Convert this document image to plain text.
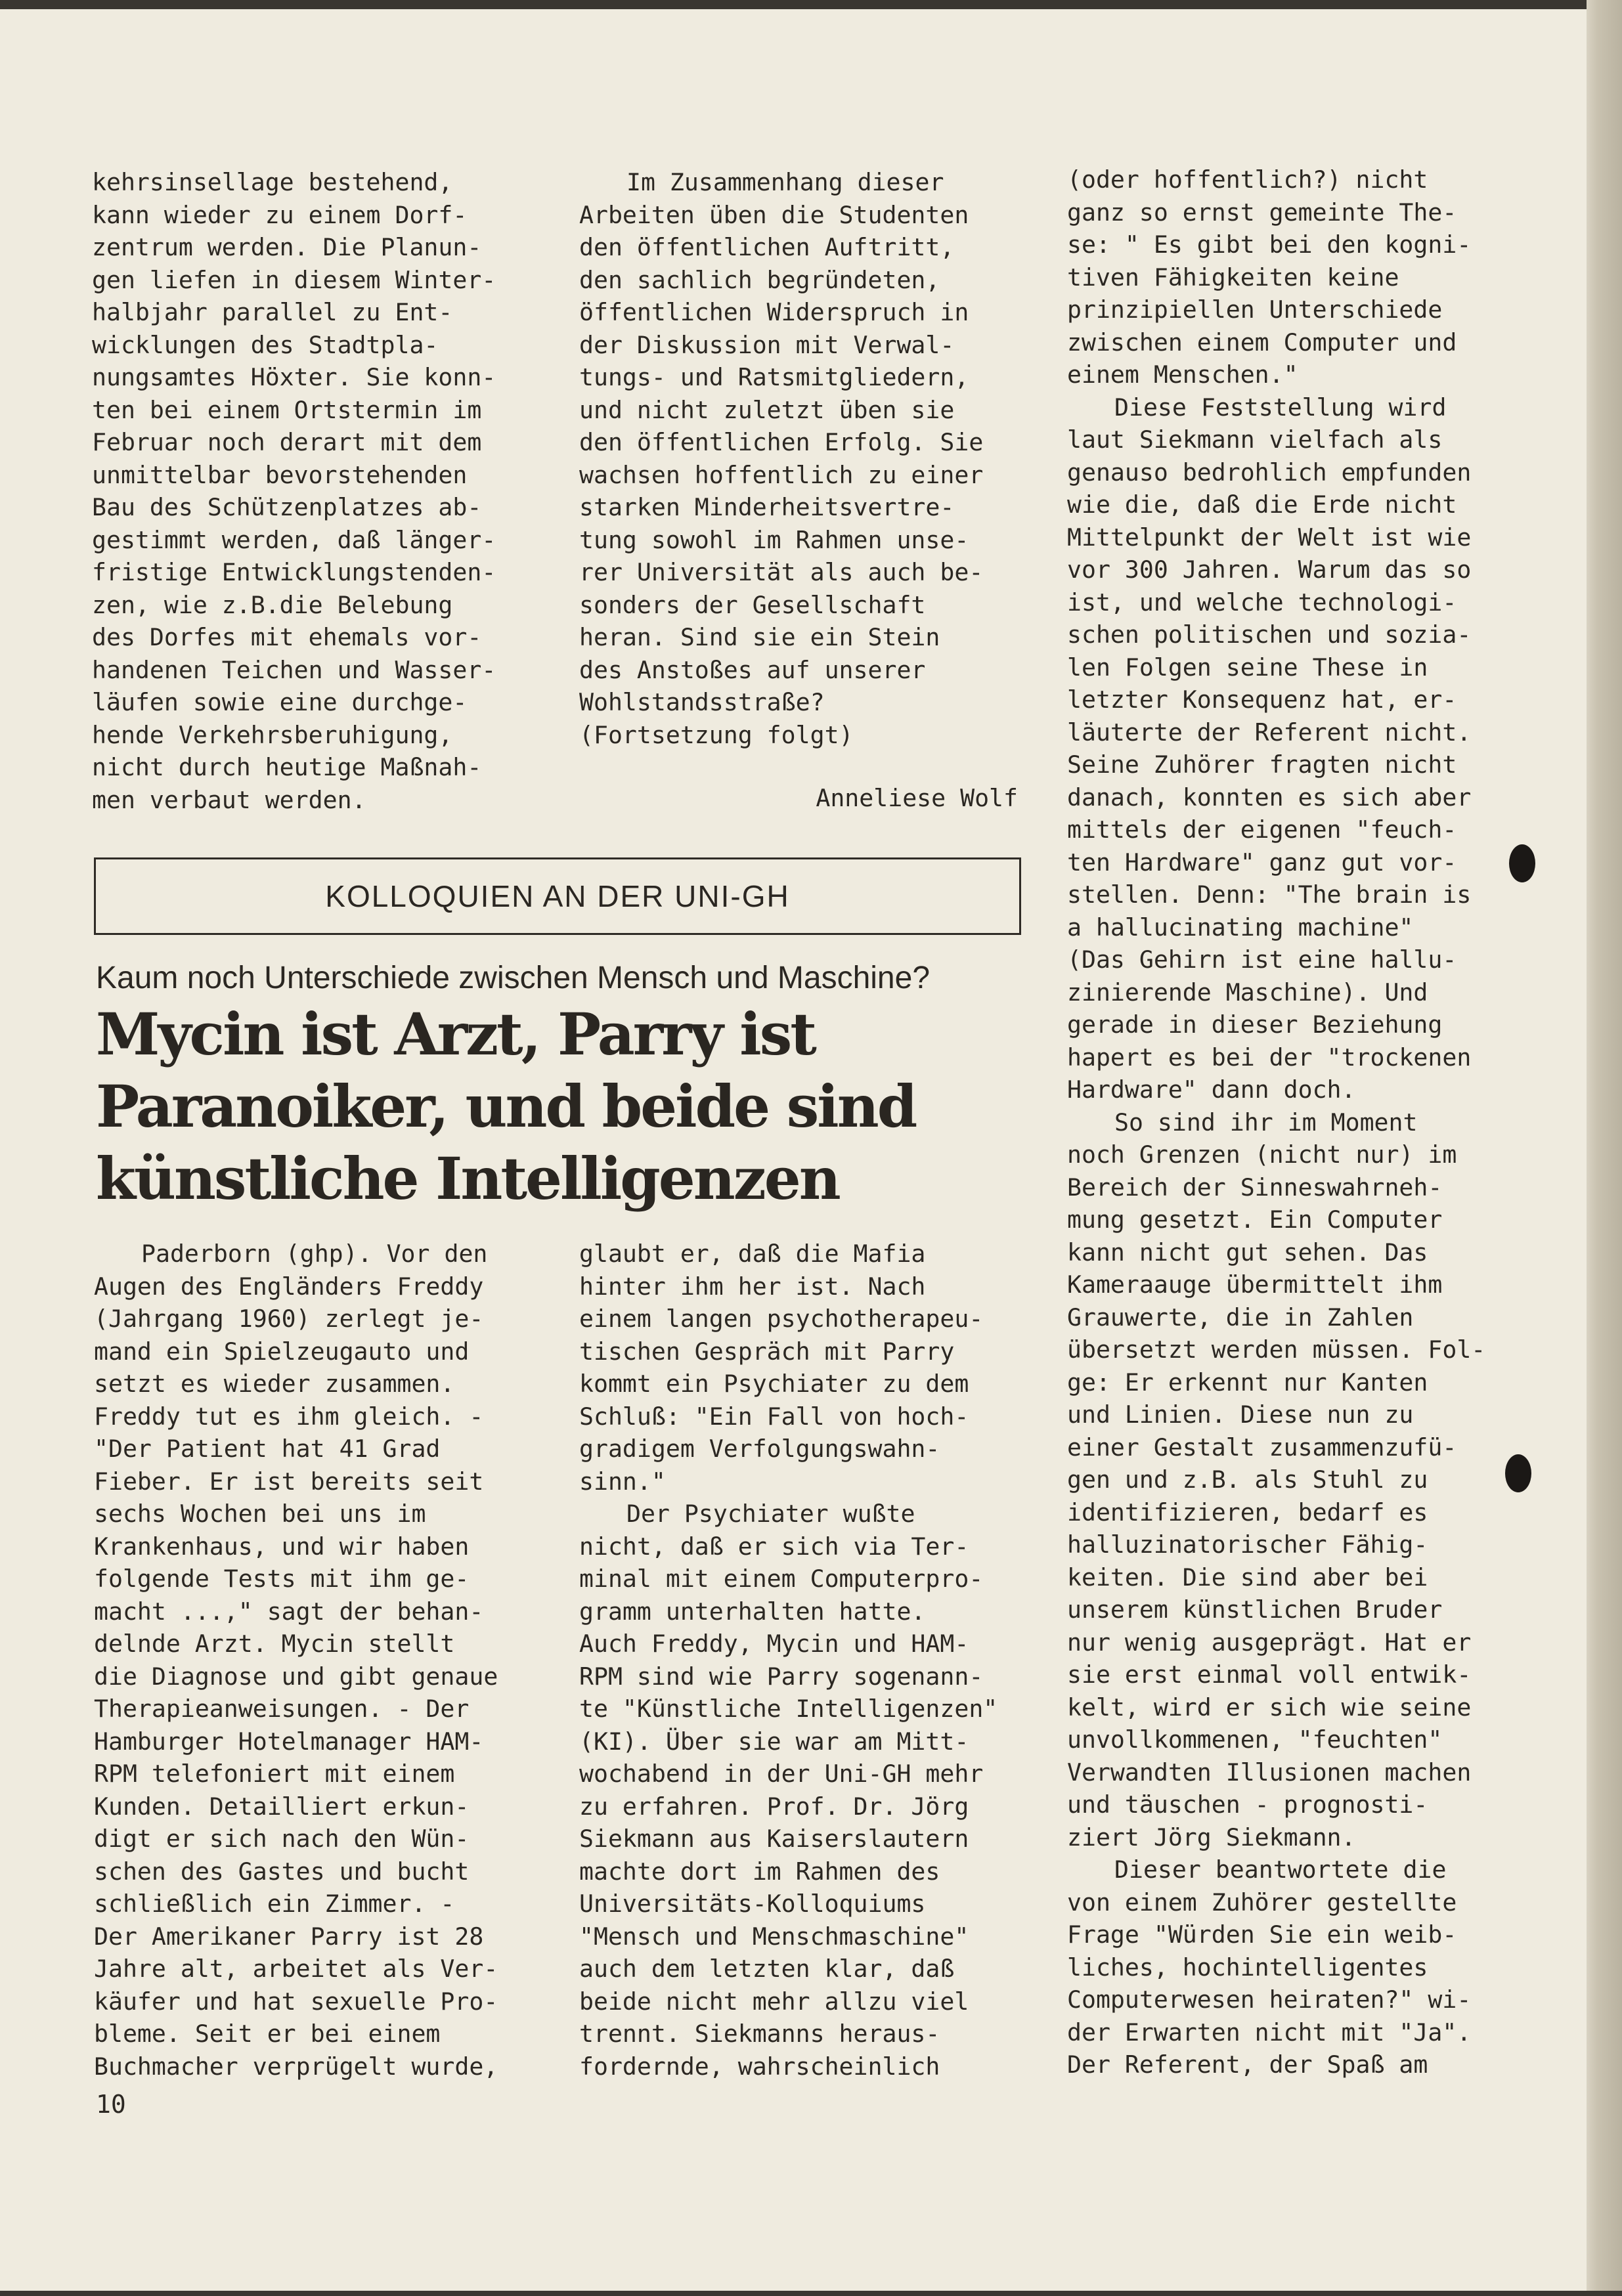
kehrsinsellage bestehend,

kann wieder zu einem Dorf-

zentrum werden. Die Planun-

gen liefen in diesem Winter-

halbjahr parallel zu Ent-

wicklungen des Stadtpla-

nungsamtes Höxter. Sie konn-

ten bei einem Ortstermin im

Februar noch derart mit dem

unmittelbar bevorstehenden

Bau des Schützenplatzes ab-

gestimmt werden, daß länger-

fristige Entwicklungstenden-

zen, wie z.B.die Belebung

des Dorfes mit ehemals vor-

handenen Teichen und Wasser-

läufen sowie eine durchge-

hende Verkehrsberuhigung,

nicht durch heutige Maßnah-

men verbaut werden.

Im Zusammenhang dieser

Arbeiten üben die Studenten

den öffentlichen Auftritt,

den sachlich begründeten,

öffentlichen Widerspruch in

der Diskussion mit Verwal-

tungs- und Ratsmitgliedern,

und nicht zuletzt üben sie

den öffentlichen Erfolg. Sie

wachsen hoffentlich zu einer

starken Minderheitsvertre-

tung sowohl im Rahmen unse-

rer Universität als auch be-

sonders der Gesellschaft

heran. Sind sie ein Stein

des Anstoßes auf unserer

Wohlstandsstraße?

(Fortsetzung folgt)

Anneliese Wolf

KOLLOQUIEN AN DER UNI-GH
Kaum noch Unterschiede zwischen Mensch und Maschine?
Mycin ist Arzt, Parry ist
Paranoiker, und beide sind
künstliche Intelligenzen

Paderborn (ghp). Vor den

Augen des Engländers Freddy

(Jahrgang 1960) zerlegt je-

mand ein Spielzeugauto und

setzt es wieder zusammen.

Freddy tut es ihm gleich. -

"Der Patient hat 41 Grad

Fieber. Er ist bereits seit

sechs Wochen bei uns im

Krankenhaus, und wir haben

folgende Tests mit ihm ge-

macht ...," sagt der behan-

delnde Arzt. Mycin stellt

die Diagnose und gibt genaue

Therapieanweisungen. - Der

Hamburger Hotelmanager HAM-

RPM telefoniert mit einem

Kunden. Detailliert erkun-

digt er sich nach den Wün-

schen des Gastes und bucht

schließlich ein Zimmer. -

Der Amerikaner Parry ist 28

Jahre alt, arbeitet als Ver-

käufer und hat sexuelle Pro-

bleme. Seit er bei einem

Buchmacher verprügelt wurde,

glaubt er, daß die Mafia

hinter ihm her ist. Nach

einem langen psychotherapeu-

tischen Gespräch mit Parry

kommt ein Psychiater zu dem

Schluß: "Ein Fall von hoch-

gradigem Verfolgungswahn-

sinn."

Der Psychiater wußte

nicht, daß er sich via Ter-

minal mit einem Computerpro-

gramm unterhalten hatte.

Auch Freddy, Mycin und HAM-

RPM sind wie Parry sogenann-

te "Künstliche Intelligenzen"

(KI). Über sie war am Mitt-

wochabend in der Uni-GH mehr

zu erfahren. Prof. Dr. Jörg

Siekmann aus Kaiserslautern

machte dort im Rahmen des

Universitäts-Kolloquiums

"Mensch und Menschmaschine"

auch dem letzten klar, daß

beide nicht mehr allzu viel

trennt. Siekmanns heraus-

fordernde, wahrscheinlich

(oder hoffentlich?) nicht

ganz so ernst gemeinte The-

se: " Es gibt bei den kogni-

tiven Fähigkeiten keine

prinzipiellen Unterschiede

zwischen einem Computer und

einem Menschen."

Diese Feststellung wird

laut Siekmann vielfach als

genauso bedrohlich empfunden

wie die, daß die Erde nicht

Mittelpunkt der Welt ist wie

vor 300 Jahren. Warum das so

ist, und welche technologi-

schen politischen und sozia-

len Folgen seine These in

letzter Konsequenz hat, er-

läuterte der Referent nicht.

Seine Zuhörer fragten nicht

danach, konnten es sich aber

mittels der eigenen "feuch-

ten Hardware" ganz gut vor-

stellen. Denn: "The brain is

a hallucinating machine"

(Das Gehirn ist eine hallu-

zinierende Maschine). Und

gerade in dieser Beziehung

hapert es bei der "trockenen

Hardware" dann doch.

So sind ihr im Moment

noch Grenzen (nicht nur) im

Bereich der Sinneswahrneh-

mung gesetzt. Ein Computer

kann nicht gut sehen. Das

Kameraauge übermittelt ihm

Grauwerte, die in Zahlen

übersetzt werden müssen. Fol-

ge: Er erkennt nur Kanten

und Linien. Diese nun zu

einer Gestalt zusammenzufü-

gen und z.B. als Stuhl zu

identifizieren, bedarf es

halluzinatorischer Fähig-

keiten. Die sind aber bei

unserem künstlichen Bruder

nur wenig ausgeprägt. Hat er

sie erst einmal voll entwik-

kelt, wird er sich wie seine

unvollkommenen, "feuchten"

Verwandten Illusionen machen

und täuschen - prognosti-

ziert Jörg Siekmann.

Dieser beantwortete die

von einem Zuhörer gestellte

Frage "Würden Sie ein weib-

liches, hochintelligentes

Computerwesen heiraten?" wi-

der Erwarten nicht mit "Ja".

Der Referent, der Spaß am

10
